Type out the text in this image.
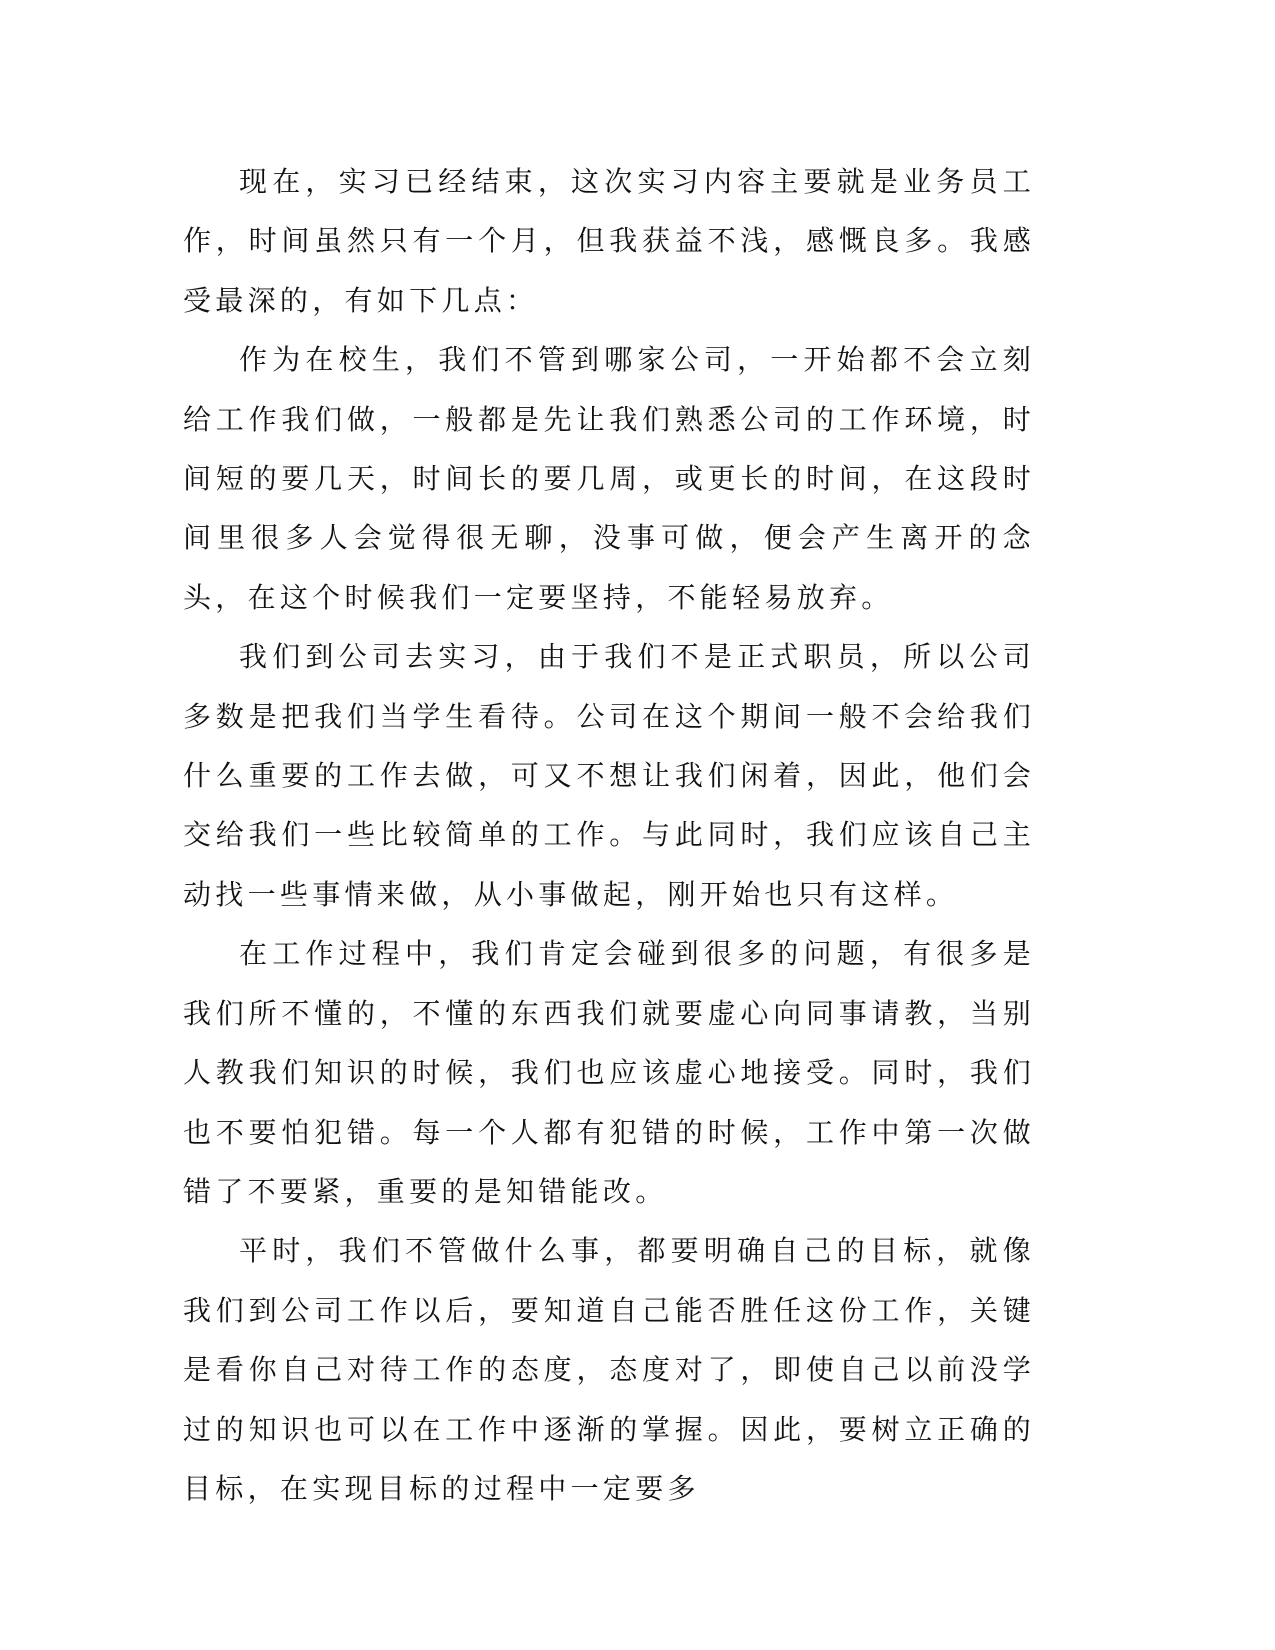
现在，实习已经结束，这次实习内容主要就是业务员工作，时间虽然只有一个月，但我获益不浅，感慨良多。我感受最深的，有如下几点：

作为在校生，我们不管到哪家公司，一开始都不会立刻给工作我们做，一般都是先让我们熟悉公司的工作环境，时间短的要几天，时间长的要几周，或更长的时间，在这段时间里很多人会觉得很无聊，没事可做，便会产生离开的念头，在这个时候我们一定要坚持，不能轻易放弃。

我们到公司去实习，由于我们不是正式职员，所以公司多数是把我们当学生看待。公司在这个期间一般不会给我们什么重要的工作去做，可又不想让我们闲着，因此，他们会交给我们一些比较简单的工作。与此同时，我们应该自己主动找一些事情来做，从小事做起，刚开始也只有这样。

在工作过程中，我们肯定会碰到很多的问题，有很多是我们所不懂的，不懂的东西我们就要虚心向同事请教，当别人教我们知识的时候，我们也应该虚心地接受。同时，我们也不要怕犯错。每一个人都有犯错的时候，工作中第一次做错了不要紧，重要的是知错能改。

平时，我们不管做什么事，都要明确自己的目标，就像我们到公司工作以后，要知道自己能否胜任这份工作，关键是看你自己对待工作的态度，态度对了，即使自己以前没学过的知识也可以在工作中逐渐的掌握。因此，要树立正确的目标，在实现目标的过程中一定要多
